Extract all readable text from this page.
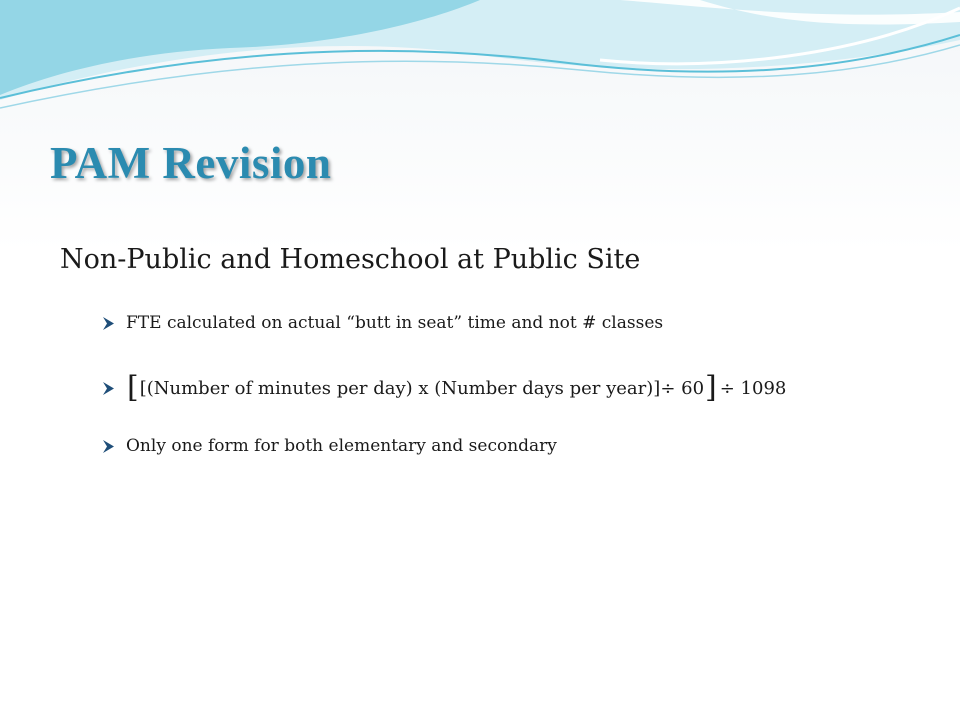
PAM Revision
Non-Public and Homeschool at Public Site
FTE calculated on actual “butt in seat” time and not # classes
[ [(Number of minutes per day) x (Number days per year)]÷ 60 ] ÷ 1098
Only one form for both elementary and secondary
